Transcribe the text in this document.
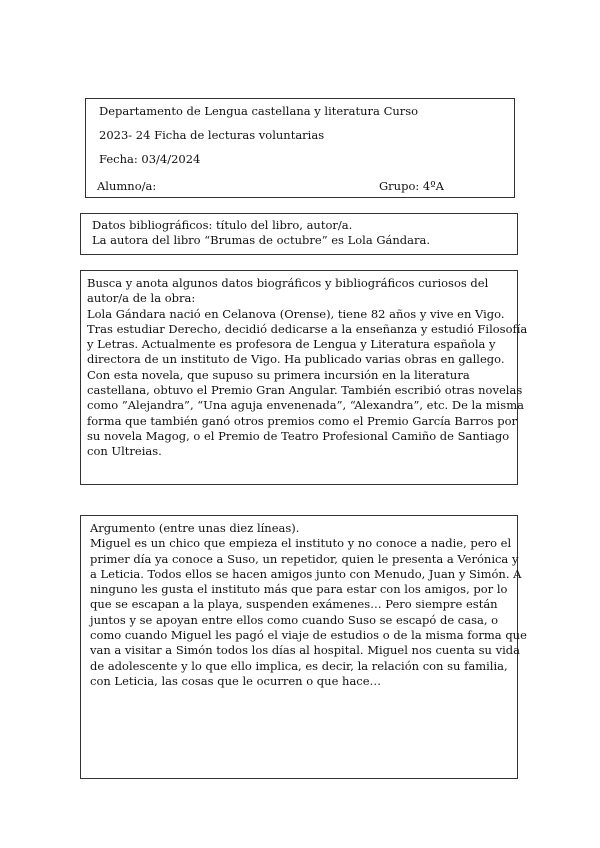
Departamento de Lengua castellana y literatura Curso
2023- 24 Ficha de lecturas voluntarias
Fecha: 03/4/2024
Alumno/a:	Grupo: 4ºA
Datos bibliográficos: título del libro, autor/a.
La autora del libro “Brumas de octubre” es Lola Gándara.
Busca y anota algunos datos biográficos y bibliográficos curiosos del
autor/a de la obra:
Lola Gándara nació en Celanova (Orense), tiene 82 años y vive en Vigo.
Tras estudiar Derecho, decidió dedicarse a la enseñanza y estudió Filosofía
y Letras. Actualmente es profesora de Lengua y Literatura española y
directora de un instituto de Vigo. Ha publicado varias obras en gallego.
Con esta novela, que supuso su primera incursión en la literatura
castellana, obtuvo el Premio Gran Angular. También escribió otras novelas
como ”Alejandra”, “Una aguja envenenada”, “Alexandra”, etc. De la misma
forma que también ganó otros premios como el Premio García Barros por
su novela Magog, o el Premio de Teatro Profesional Camiño de Santiago
con Ultreias.
Argumento (entre unas diez líneas).
Miguel es un chico que empieza el instituto y no conoce a nadie, pero el
primer día ya conoce a Suso, un repetidor, quien le presenta a Verónica y
a Leticia. Todos ellos se hacen amigos junto con Menudo, Juan y Simón. A
ninguno les gusta el instituto más que para estar con los amigos, por lo
que se escapan a la playa, suspenden exámenes… Pero siempre están
juntos y se apoyan entre ellos como cuando Suso se escapó de casa, o
como cuando Miguel les pagó el viaje de estudios o de la misma forma que
van a visitar a Simón todos los días al hospital. Miguel nos cuenta su vida
de adolescente y lo que ello implica, es decir, la relación con su familia,
con Leticia, las cosas que le ocurren o que hace…
